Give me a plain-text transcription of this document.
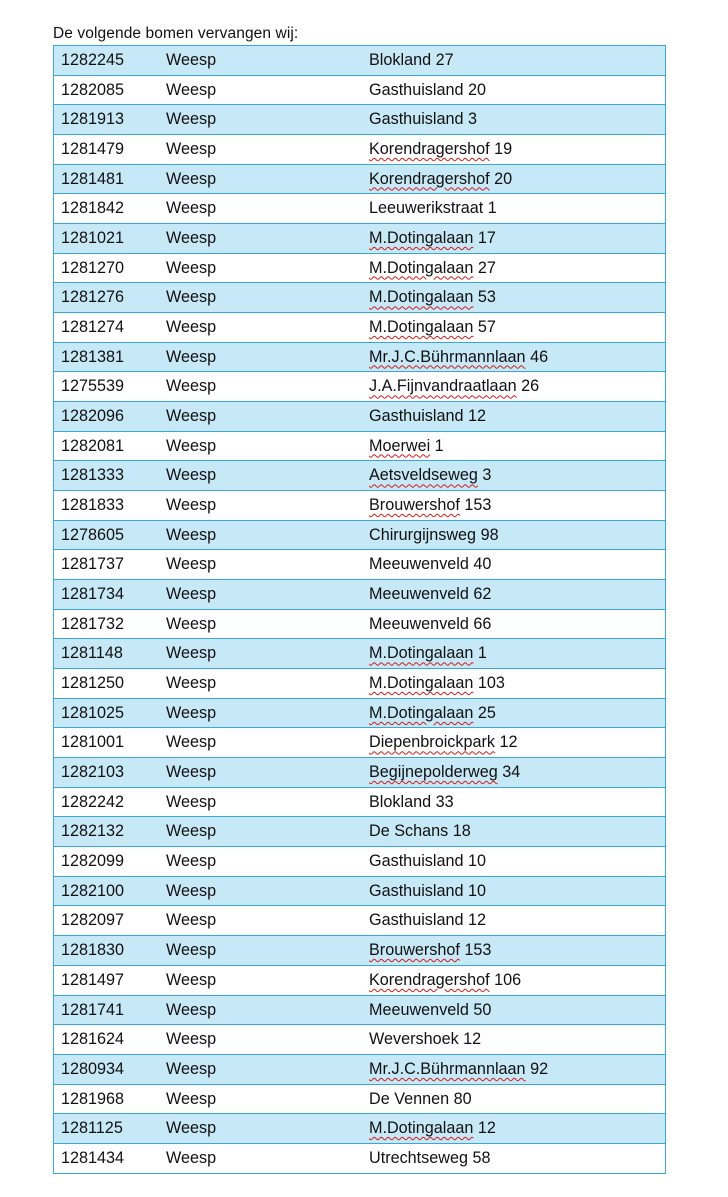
De volgende bomen vervangen wij:
1282245	Weesp	Blokland 27
1282085	Weesp	Gasthuisland 20
1281913	Weesp	Gasthuisland 3
1281479	Weesp	Korendragershof 19
1281481	Weesp	Korendragershof 20
1281842	Weesp	Leeuwerikstraat 1
1281021	Weesp	M.Dotingalaan 17
1281270	Weesp	M.Dotingalaan 27
1281276	Weesp	M.Dotingalaan 53
1281274	Weesp	M.Dotingalaan 57
1281381	Weesp	Mr.J.C.Bührmannlaan 46
1275539	Weesp	J.A.Fijnvandraatlaan 26
1282096	Weesp	Gasthuisland 12
1282081	Weesp	Moerwei 1
1281333	Weesp	Aetsveldseweg 3
1281833	Weesp	Brouwershof 153
1278605	Weesp	Chirurgijnsweg 98
1281737	Weesp	Meeuwenveld 40
1281734	Weesp	Meeuwenveld 62
1281732	Weesp	Meeuwenveld 66
1281148	Weesp	M.Dotingalaan 1
1281250	Weesp	M.Dotingalaan 103
1281025	Weesp	M.Dotingalaan 25
1281001	Weesp	Diepenbroickpark 12
1282103	Weesp	Begijnepolderweg 34
1282242	Weesp	Blokland 33
1282132	Weesp	De Schans 18
1282099	Weesp	Gasthuisland 10
1282100	Weesp	Gasthuisland 10
1282097	Weesp	Gasthuisland 12
1281830	Weesp	Brouwershof 153
1281497	Weesp	Korendragershof 106
1281741	Weesp	Meeuwenveld 50
1281624	Weesp	Wevershoek 12
1280934	Weesp	Mr.J.C.Bührmannlaan 92
1281968	Weesp	De Vennen 80
1281125	Weesp	M.Dotingalaan 12
1281434	Weesp	Utrechtseweg 58
